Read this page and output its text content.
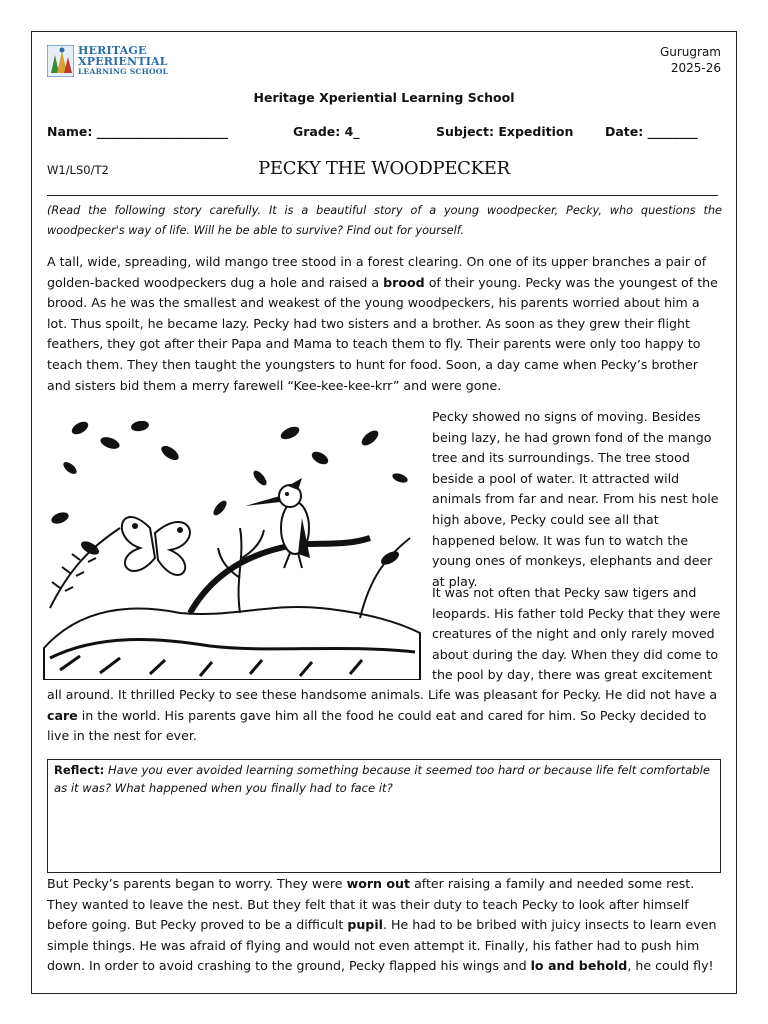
HERITAGE
XPERIENTIAL
LEARNING SCHOOL
Gurugram
2025-26
Heritage Xperiential Learning School
Name: _____________________	Grade: 4_	Subject: Expedition	Date: ________
W1/LS0/T2	PECKY THE WOODPECKER
(Read the following story carefully. It is a beautiful story of a young woodpecker, Pecky, who questions the woodpecker's way of life. Will he be able to survive? Find out for yourself.

A tall, wide, spreading, wild mango tree stood in a forest clearing. On one of its upper branches a pair of golden-backed woodpeckers dug a hole and raised a brood of their young. Pecky was the youngest of the brood. As he was the smallest and weakest of the young woodpeckers, his parents worried about him a lot. Thus spoilt, he became lazy. Pecky had two sisters and a brother. As soon as they grew their flight feathers, they got after their Papa and Mama to teach them to fly. Their parents were only too happy to teach them. They then taught the youngsters to hunt for food. Soon, a day came when Pecky’s brother and sisters bid them a merry farewell “Kee-kee-kee-krr” and were gone.

Pecky showed no signs of moving. Besides being lazy, he had grown fond of the mango tree and its surroundings. The tree stood beside a pool of water. It attracted wild animals from far and near. From his nest hole high above, Pecky could see all that happened below. It was fun to watch the young ones of monkeys, elephants and deer at play.

It was not often that Pecky saw tigers and leopards. His father told Pecky that they were creatures of the night and only rarely moved about during the day. When they did come to the pool by day, there was great excitement

all around. It thrilled Pecky to see these handsome animals. Life was pleasant for Pecky. He did not have a care in the world. His parents gave him all the food he could eat and cared for him. So Pecky decided to live in the nest for ever.

Reflect: Have you ever avoided learning something because it seemed too hard or because life felt comfortable as it was? What happened when you finally had to face it?

But Pecky’s parents began to worry. They were worn out after raising a family and needed some rest. They wanted to leave the nest. But they felt that it was their duty to teach Pecky to look after himself before going. But Pecky proved to be a difficult pupil. He had to be bribed with juicy insects to learn even simple things. He was afraid of flying and would not even attempt it. Finally, his father had to push him down. In order to avoid crashing to the ground, Pecky flapped his wings and lo and behold, he could fly!
